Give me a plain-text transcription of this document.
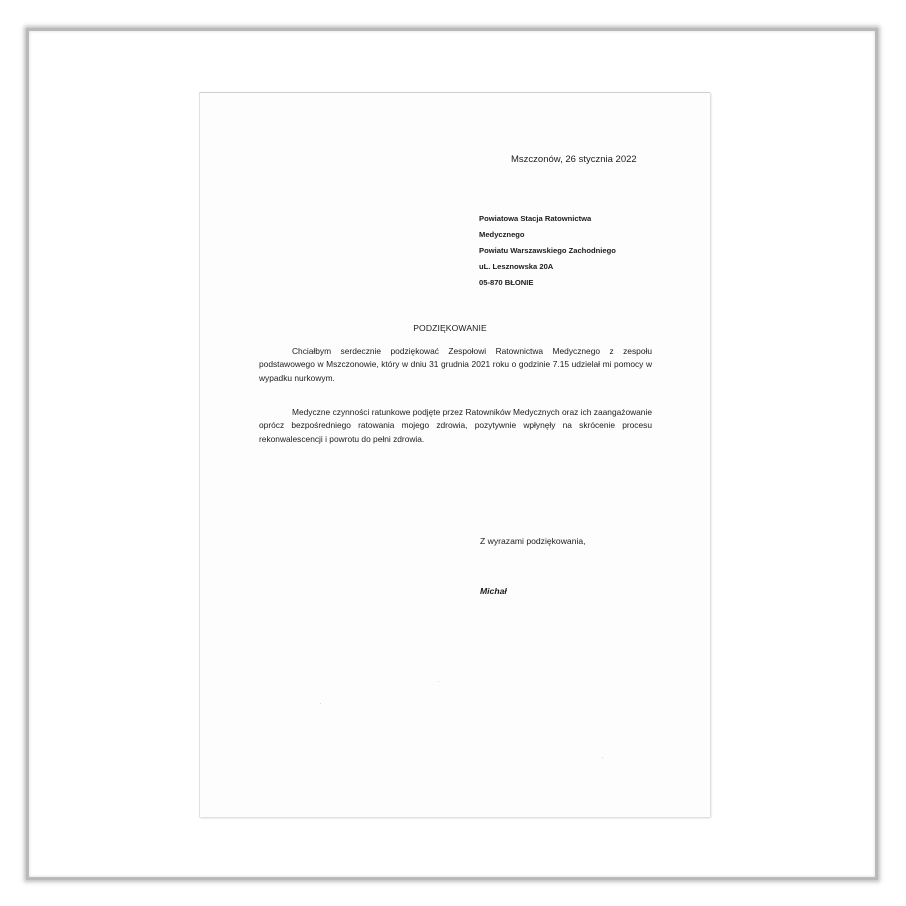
Mszczonów, 26 stycznia 2022
Powiatowa Stacja Ratownictwa
Medycznego
Powiatu Warszawskiego Zachodniego
uL. Lesznowska 20A
05-870 BŁONIE
PODZIĘKOWANIE
Chciałbym serdecznie podziękować Zespołowi Ratownictwa Medycznego z zespołu podstawowego w Mszczonowie, który w dniu 31 grudnia 2021 roku o godzinie 7.15 udzielał mi pomocy w wypadku nurkowym.
Medyczne czynności ratunkowe podjęte przez Ratowników Medycznych oraz ich zaangażowanie oprócz bezpośredniego ratowania mojego zdrowia, pozytywnie wpłynęły na skrócenie procesu rekonwalescencji i powrotu do pełni zdrowia.
Z wyrazami podziękowania,
Michał
